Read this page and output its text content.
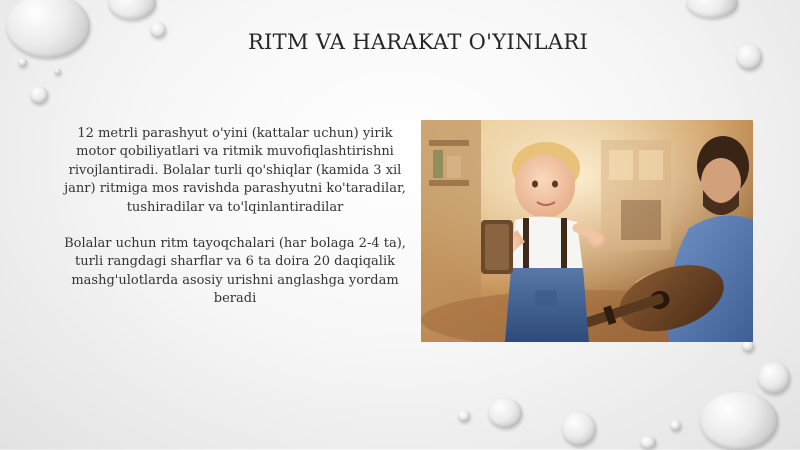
RITM VA HARAKAT O'YINLARI

12 metrli parashyut o'yini (kattalar uchun) yirik motor qobiliyatlari va ritmik muvofiqlashtirishni rivojlantiradi. Bolalar turli qo'shiqlar (kamida 3 xil janr) ritmiga mos ravishda parashyutni ko'taradilar, tushiradilar va to'lqinlantiradilar

Bolalar uchun ritm tayoqchalari (har bolaga 2-4 ta), turli rangdagi sharflar va 6 ta doira 20 daqiqalik mashg'ulotlarda asosiy urishni anglashga yordam beradi
